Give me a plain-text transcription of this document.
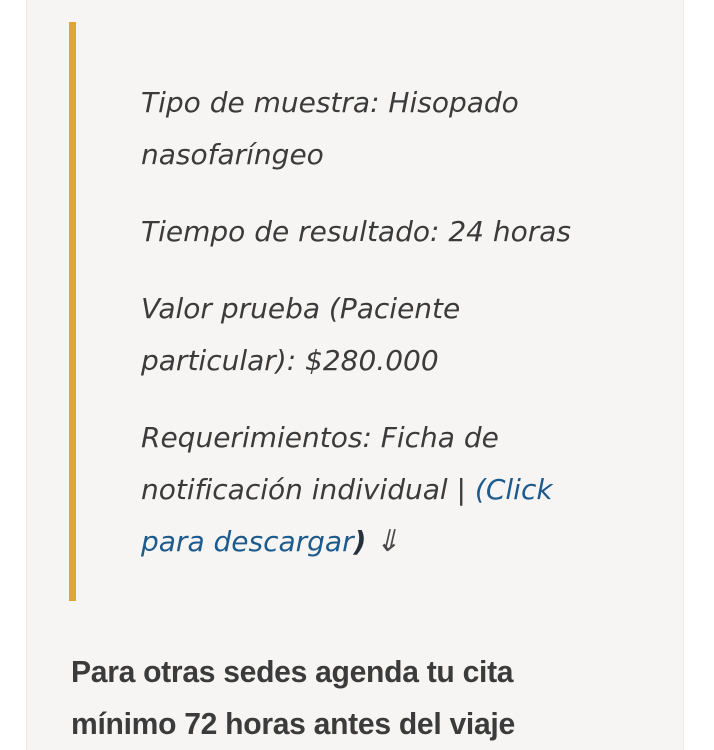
Tipo de muestra: Hisopado nasofaríngeo

Tiempo de resultado: 24 horas

Valor prueba (Paciente particular): $280.000

Requerimientos: Ficha de notificación individual | (Click para descargar) ⇓

Para otras sedes agenda tu cita mínimo 72 horas antes del viaje
